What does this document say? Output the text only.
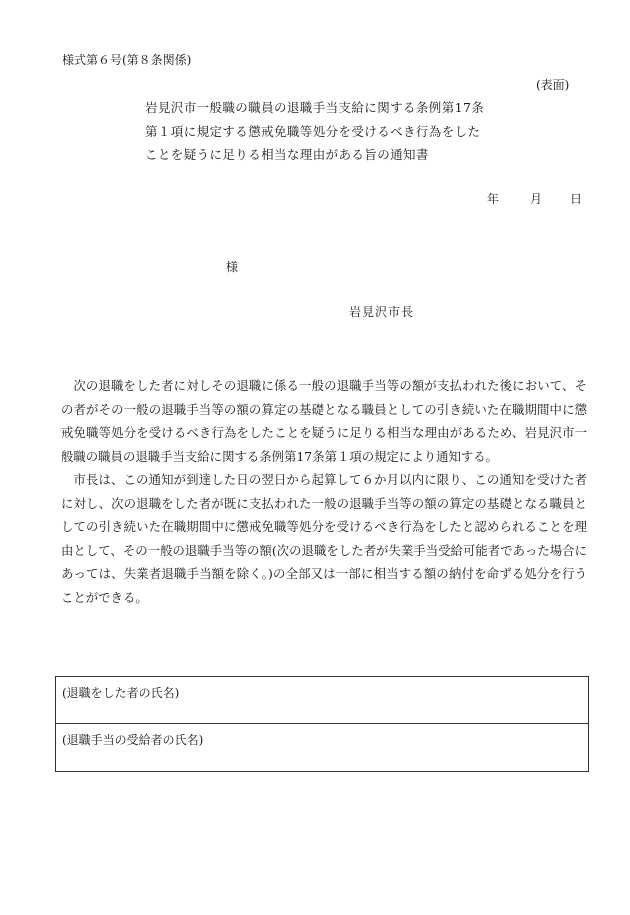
様式第６号(第８条関係)
(表面)
岩見沢市一般職の職員の退職手当支給に関する条例第17条
第１項に規定する懲戒免職等処分を受けるべき行為をした
ことを疑うに足りる相当な理由がある旨の通知書
年	月 日
様
岩見沢市長

次の退職をした者に対しその退職に係る一般の退職手当等の額が支払われた後において、その者がその一般の退職手当等の額の算定の基礎となる職員としての引き続いた在職期間中に懲戒免職等処分を受けるべき行為をしたことを疑うに足りる相当な理由があるため、岩見沢市一般職の職員の退職手当支給に関する条例第17条第１項の規定により通知する。

市長は、この通知が到達した日の翌日から起算して６か月以内に限り、この通知を受けた者に対し、次の退職をした者が既に支払われた一般の退職手当等の額の算定の基礎となる職員としての引き続いた在職期間中に懲戒免職等処分を受けるべき行為をしたと認められることを理由として、その一般の退職手当等の額(次の退職をした者が失業手当受給可能者であった場合にあっては、失業者退職手当額を除く。)の全部又は一部に相当する額の納付を命ずる処分を行うことができる。

(退職をした者の氏名)
(退職手当の受給者の氏名)
